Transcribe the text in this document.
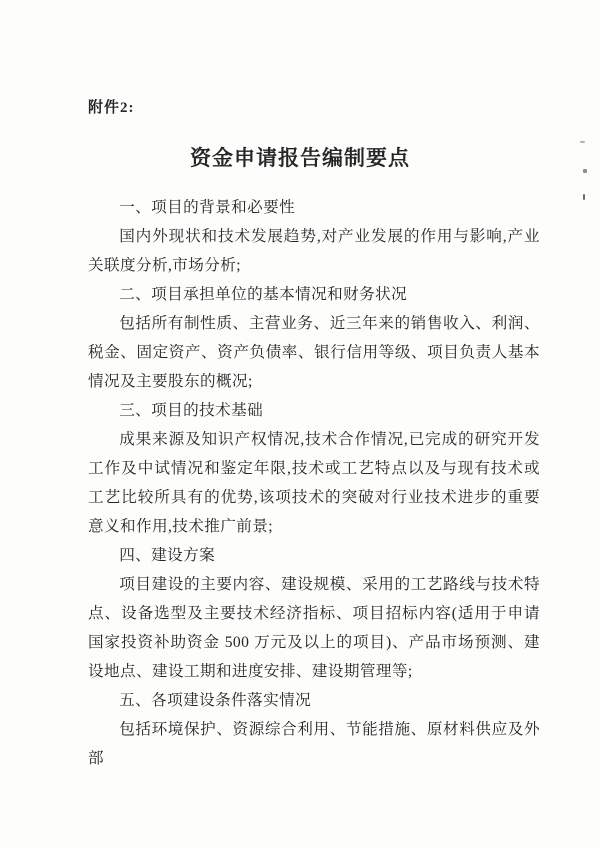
附件2:
资金申请报告编制要点

一、项目的背景和必要性

国内外现状和技术发展趋势,对产业发展的作用与影响,产业关联度分析,市场分析;

二、项目承担单位的基本情况和财务状况

包括所有制性质、主营业务、近三年来的销售收入、利润、税金、固定资产、资产负债率、银行信用等级、项目负责人基本情况及主要股东的概况;

三、项目的技术基础

成果来源及知识产权情况,技术合作情况,已完成的研究开发工作及中试情况和鉴定年限,技术或工艺特点以及与现有技术或工艺比较所具有的优势,该项技术的突破对行业技术进步的重要意义和作用,技术推广前景;

四、建设方案

项目建设的主要内容、建设规模、采用的工艺路线与技术特点、设备选型及主要技术经济指标、项目招标内容(适用于申请国家投资补助资金 500 万元及以上的项目)、产品市场预测、建设地点、建设工期和进度安排、建设期管理等;

五、各项建设条件落实情况

包括环境保护、资源综合利用、节能措施、原材料供应及外部
